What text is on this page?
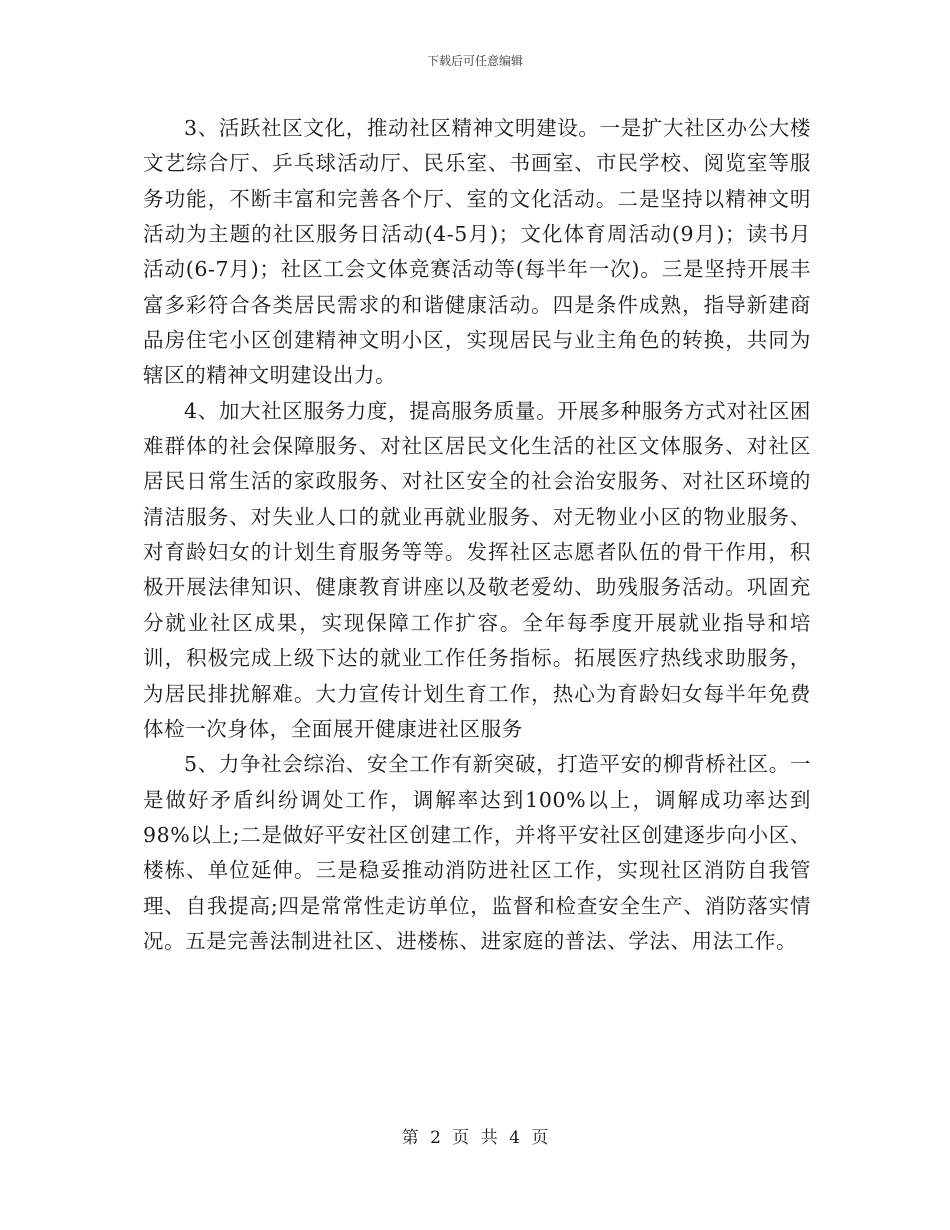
下载后可任意编辑

3、活跃社区文化，推动社区精神文明建设。一是扩大社区办公大楼文艺综合厅、乒乓球活动厅、民乐室、书画室、市民学校、阅览室等服务功能，不断丰富和完善各个厅、室的文化活动。二是坚持以精神文明活动为主题的社区服务日活动(4-5月)；文化体育周活动(9月)；读书月活动(6-7月)；社区工会文体竞赛活动等(每半年一次)。三是坚持开展丰富多彩符合各类居民需求的和谐健康活动。四是条件成熟，指导新建商品房住宅小区创建精神文明小区，实现居民与业主角色的转换，共同为辖区的精神文明建设出力。

4、加大社区服务力度，提高服务质量。开展多种服务方式对社区困难群体的社会保障服务、对社区居民文化生活的社区文体服务、对社区居民日常生活的家政服务、对社区安全的社会治安服务、对社区环境的清洁服务、对失业人口的就业再就业服务、对无物业小区的物业服务、对育龄妇女的计划生育服务等等。发挥社区志愿者队伍的骨干作用，积极开展法律知识、健康教育讲座以及敬老爱幼、助残服务活动。巩固充分就业社区成果，实现保障工作扩容。全年每季度开展就业指导和培训，积极完成上级下达的就业工作任务指标。拓展医疗热线求助服务，为居民排扰解难。大力宣传计划生育工作，热心为育龄妇女每半年免费体检一次身体，全面展开健康进社区服务

5、力争社会综治、安全工作有新突破，打造平安的柳背桥社区。一是做好矛盾纠纷调处工作，调解率达到100%以上，调解成功率达到98%以上;二是做好平安社区创建工作，并将平安社区创建逐步向小区、楼栋、单位延伸。三是稳妥推动消防进社区工作，实现社区消防自我管理、自我提高;四是常常性走访单位，监督和检查安全生产、消防落实情况。五是完善法制进社区、进楼栋、进家庭的普法、学法、用法工作。

第 2 页 共 4 页
